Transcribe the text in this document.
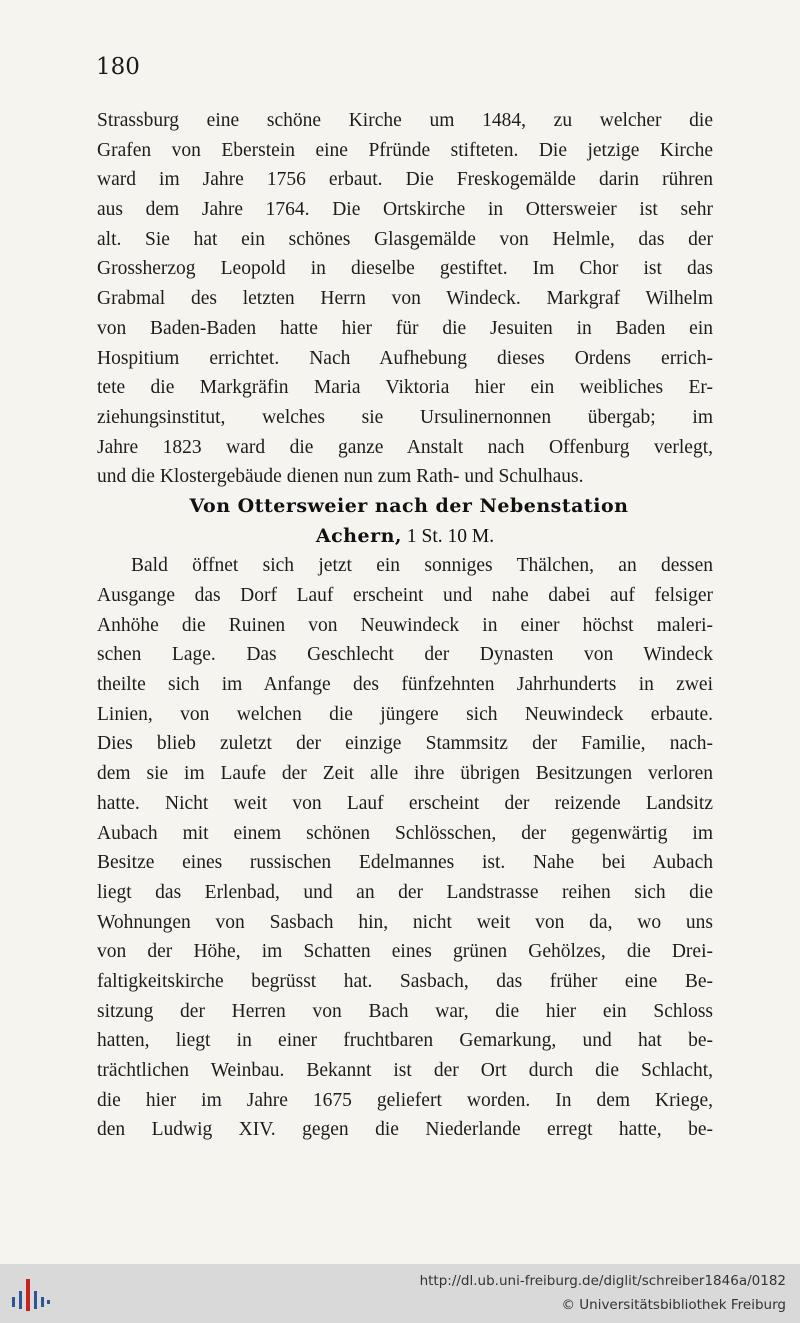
180
Strassburg eine schöne Kirche um 1484, zu welcher die
Grafen von Eberstein eine Pfründe stifteten. Die jetzige Kirche
ward im Jahre 1756 erbaut. Die Freskogemälde darin rühren
aus dem Jahre 1764. Die Ortskirche in Ottersweier ist sehr
alt. Sie hat ein schönes Glasgemälde von Helmle, das der
Grossherzog Leopold in dieselbe gestiftet. Im Chor ist das
Grabmal des letzten Herrn von Windeck. Markgraf Wilhelm
von Baden-Baden hatte hier für die Jesuiten in Baden ein
Hospitium errichtet. Nach Aufhebung dieses Ordens errich-
tete die Markgräfin Maria Viktoria hier ein weibliches Er-
ziehungsinstitut, welches sie Ursulinernonnen übergab; im
Jahre 1823 ward die ganze Anstalt nach Offenburg verlegt,
und die Klostergebäude dienen nun zum Rath- und Schulhaus.
Von Ottersweier nach der Nebenstation
Achern, 1 St. 10 M.
Bald öffnet sich jetzt ein sonniges Thälchen, an dessen
Ausgange das Dorf Lauf erscheint und nahe dabei auf felsiger
Anhöhe die Ruinen von Neuwindeck in einer höchst maleri-
schen Lage. Das Geschlecht der Dynasten von Windeck
theilte sich im Anfange des fünfzehnten Jahrhunderts in zwei
Linien, von welchen die jüngere sich Neuwindeck erbaute.
Dies blieb zuletzt der einzige Stammsitz der Familie, nach-
dem sie im Laufe der Zeit alle ihre übrigen Besitzungen verloren
hatte. Nicht weit von Lauf erscheint der reizende Landsitz
Aubach mit einem schönen Schlösschen, der gegenwärtig im
Besitze eines russischen Edelmannes ist. Nahe bei Aubach
liegt das Erlenbad, und an der Landstrasse reihen sich die
Wohnungen von Sasbach hin, nicht weit von da, wo uns
von der Höhe, im Schatten eines grünen Gehölzes, die Drei-
faltigkeitskirche begrüsst hat. Sasbach, das früher eine Be-
sitzung der Herren von Bach war, die hier ein Schloss
hatten, liegt in einer fruchtbaren Gemarkung, und hat be-
trächtlichen Weinbau. Bekannt ist der Ort durch die Schlacht,
die hier im Jahre 1675 geliefert worden. In dem Kriege,
den Ludwig XIV. gegen die Niederlande erregt hatte, be-
http://dl.ub.uni-freiburg.de/diglit/schreiber1846a/0182
© Universitätsbibliothek Freiburg
